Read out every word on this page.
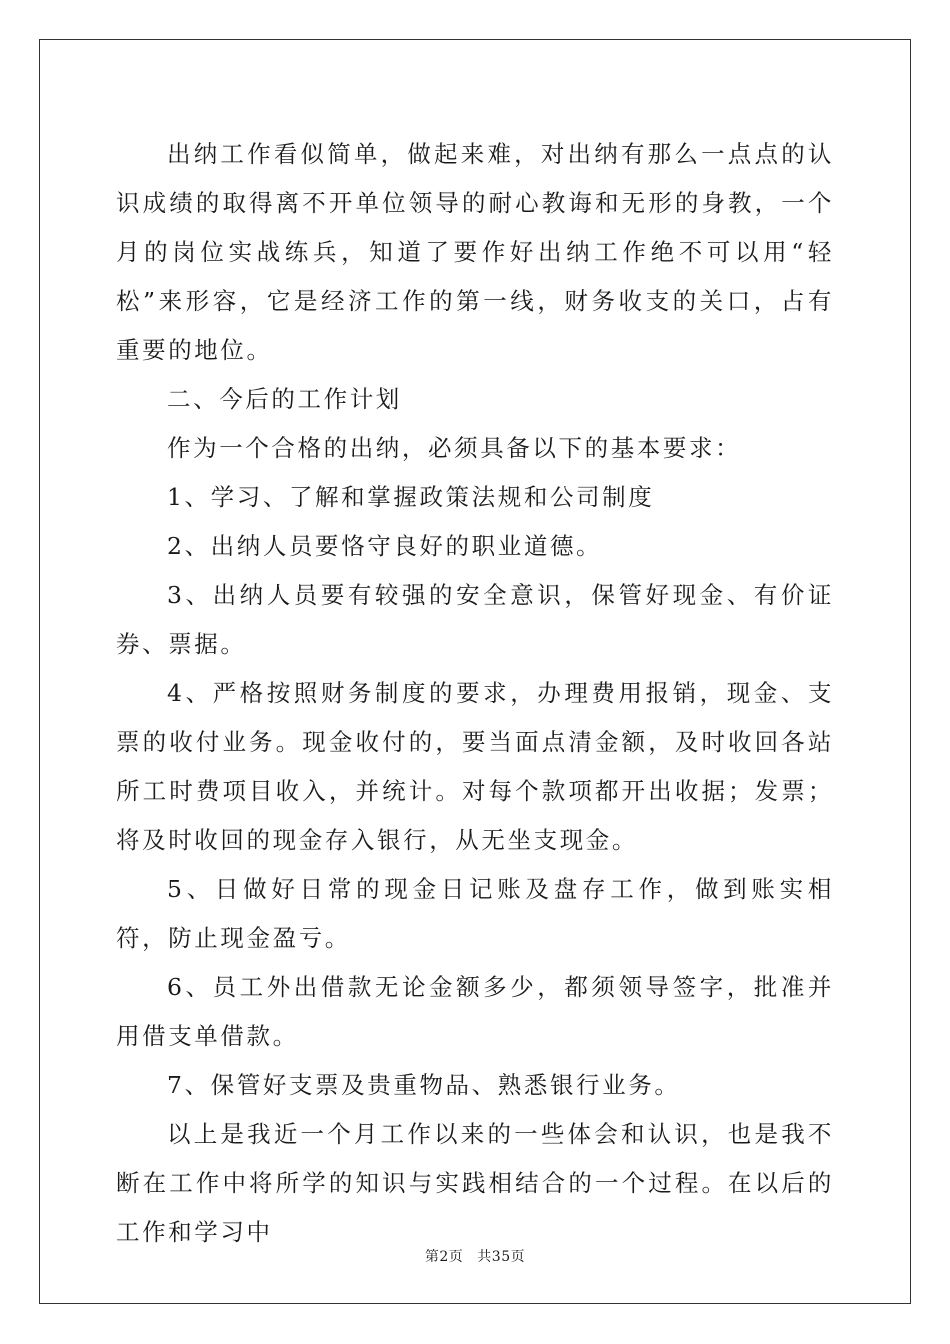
出纳工作看似简单，做起来难，对出纳有那么一点点的认识成绩的取得离不开单位领导的耐心教诲和无形的身教，一个月的岗位实战练兵，知道了要作好出纳工作绝不可以用“轻松”来形容，它是经济工作的第一线，财务收支的关口，占有重要的地位。

二、今后的工作计划

作为一个合格的出纳，必须具备以下的基本要求：

1、学习、了解和掌握政策法规和公司制度

2、出纳人员要恪守良好的职业道德。

3、出纳人员要有较强的安全意识，保管好现金、有价证券、票据。

4、严格按照财务制度的要求，办理费用报销，现金、支票的收付业务。现金收付的，要当面点清金额，及时收回各站所工时费项目收入，并统计。对每个款项都开出收据；发票；将及时收回的现金存入银行，从无坐支现金。

5、日做好日常的现金日记账及盘存工作，做到账实相符，防止现金盈亏。

6、员工外出借款无论金额多少，都须领导签字，批准并用借支单借款。

7、保管好支票及贵重物品、熟悉银行业务。

以上是我近一个月工作以来的一些体会和认识，也是我不断在工作中将所学的知识与实践相结合的一个过程。在以后的工作和学习中

第2页 共35页
